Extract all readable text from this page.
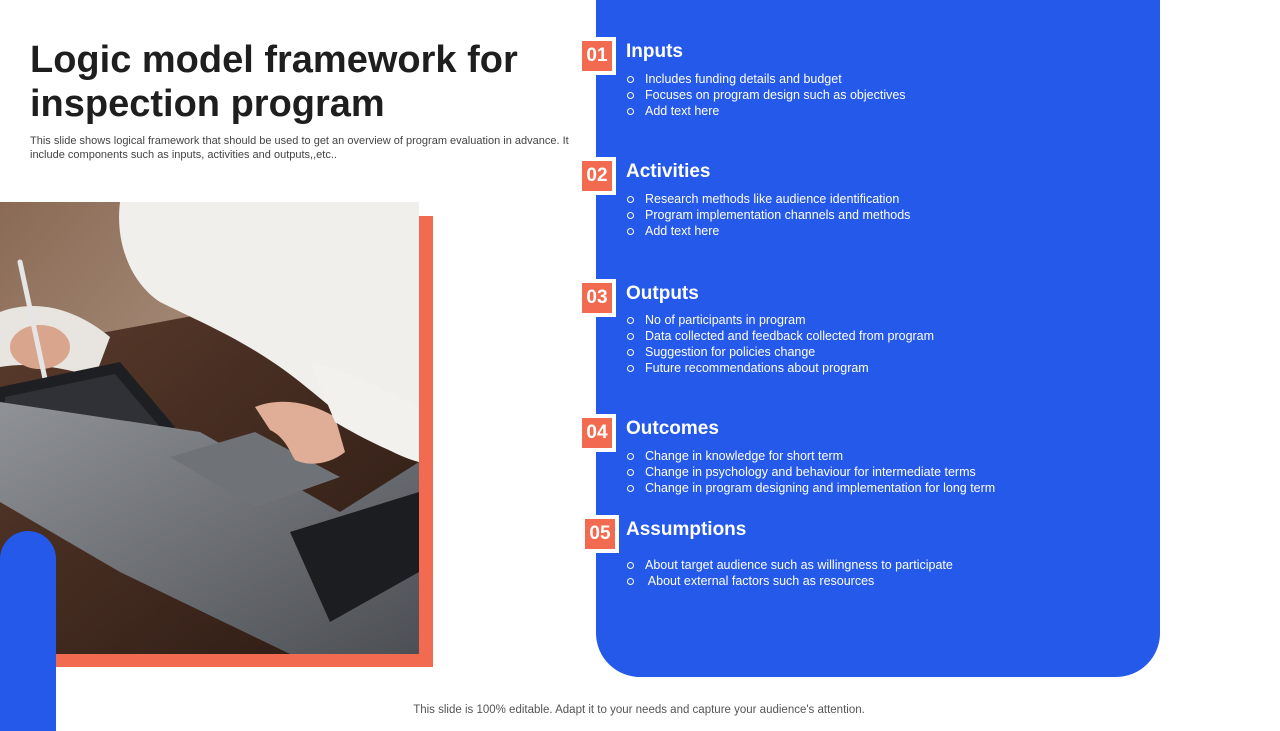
Logic model framework for inspection program
This slide shows logical framework that should be used to get an overview of program evaluation in advance. It include components such as inputs, activities and outputs,,etc..
01 Inputs
Includes funding details and budget
Focuses on program design such as objectives
Add text here
02 Activities
Research methods like audience identification
Program implementation channels and methods
Add text here
03 Outputs
No of participants in program
Data collected and feedback collected from program
Suggestion for policies change
Future recommendations about program
04 Outcomes
Change in knowledge for short term
Change in psychology and behaviour for intermediate terms
Change in program designing and implementation for long term
05 Assumptions
About target audience such as willingness to participate
About external factors such as resources
This slide is 100% editable. Adapt it to your needs and capture your audience's attention.
